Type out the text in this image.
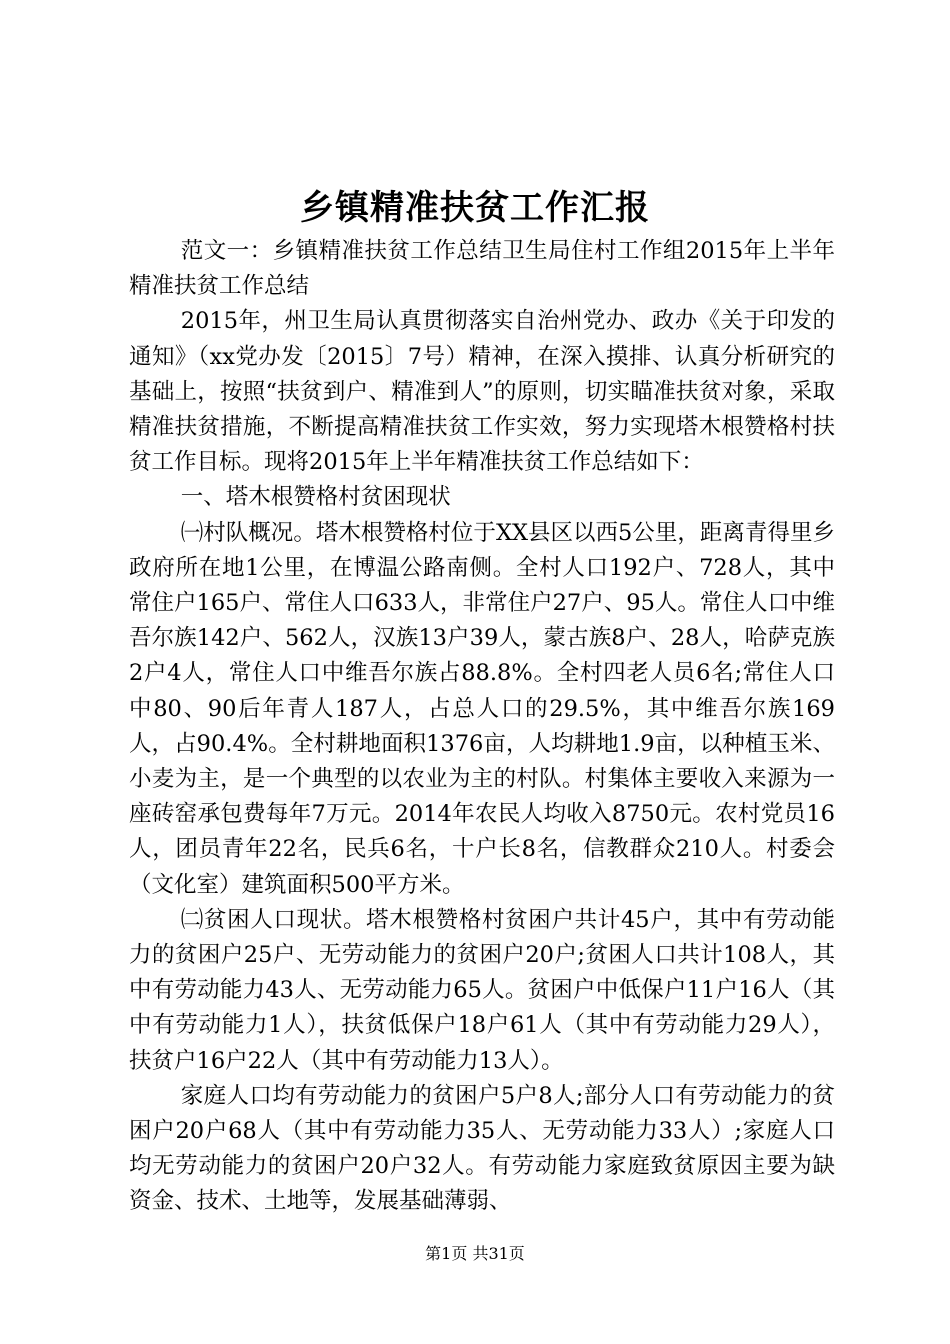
乡镇精准扶贫工作汇报

范文一：乡镇精准扶贫工作总结卫生局住村工作组2015年上半年精准扶贫工作总结

2015年，州卫生局认真贯彻落实自治州党办、政办《关于印发的通知》（xx党办发〔2015〕7号）精神，在深入摸排、认真分析研究的基础上，按照“扶贫到户、精准到人”的原则，切实瞄准扶贫对象，采取精准扶贫措施，不断提高精准扶贫工作实效，努力实现塔木根赞格村扶贫工作目标。现将2015年上半年精准扶贫工作总结如下：

一、塔木根赞格村贫困现状

㈠村队概况。塔木根赞格村位于XX县区以西5公里，距离青得里乡政府所在地1公里，在博温公路南侧。全村人口192户、728人，其中常住户165户、常住人口633人，非常住户27户、95人。常住人口中维吾尔族142户、562人，汉族13户39人，蒙古族8户、28人，哈萨克族2户4人，常住人口中维吾尔族占88.8%。全村四老人员6名;常住人口中80、90后年青人187人，占总人口的29.5%，其中维吾尔族169人，占90.4%。全村耕地面积1376亩，人均耕地1.9亩，以种植玉米、小麦为主，是一个典型的以农业为主的村队。村集体主要收入来源为一座砖窑承包费每年7万元。2014年农民人均收入8750元。农村党员16人，团员青年22名，民兵6名，十户长8名，信教群众210人。村委会（文化室）建筑面积500平方米。

㈡贫困人口现状。塔木根赞格村贫困户共计45户，其中有劳动能力的贫困户25户、无劳动能力的贫困户20户;贫困人口共计108人，其中有劳动能力43人、无劳动能力65人。贫困户中低保户11户16人（其中有劳动能力1人），扶贫低保户18户61人（其中有劳动能力29人），扶贫户16户22人（其中有劳动能力13人）。

家庭人口均有劳动能力的贫困户5户8人;部分人口有劳动能力的贫困户20户68人（其中有劳动能力35人、无劳动能力33人）;家庭人口均无劳动能力的贫困户20户32人。有劳动能力家庭致贫原因主要为缺资金、技术、土地等，发展基础薄弱、

第1页 共31页
